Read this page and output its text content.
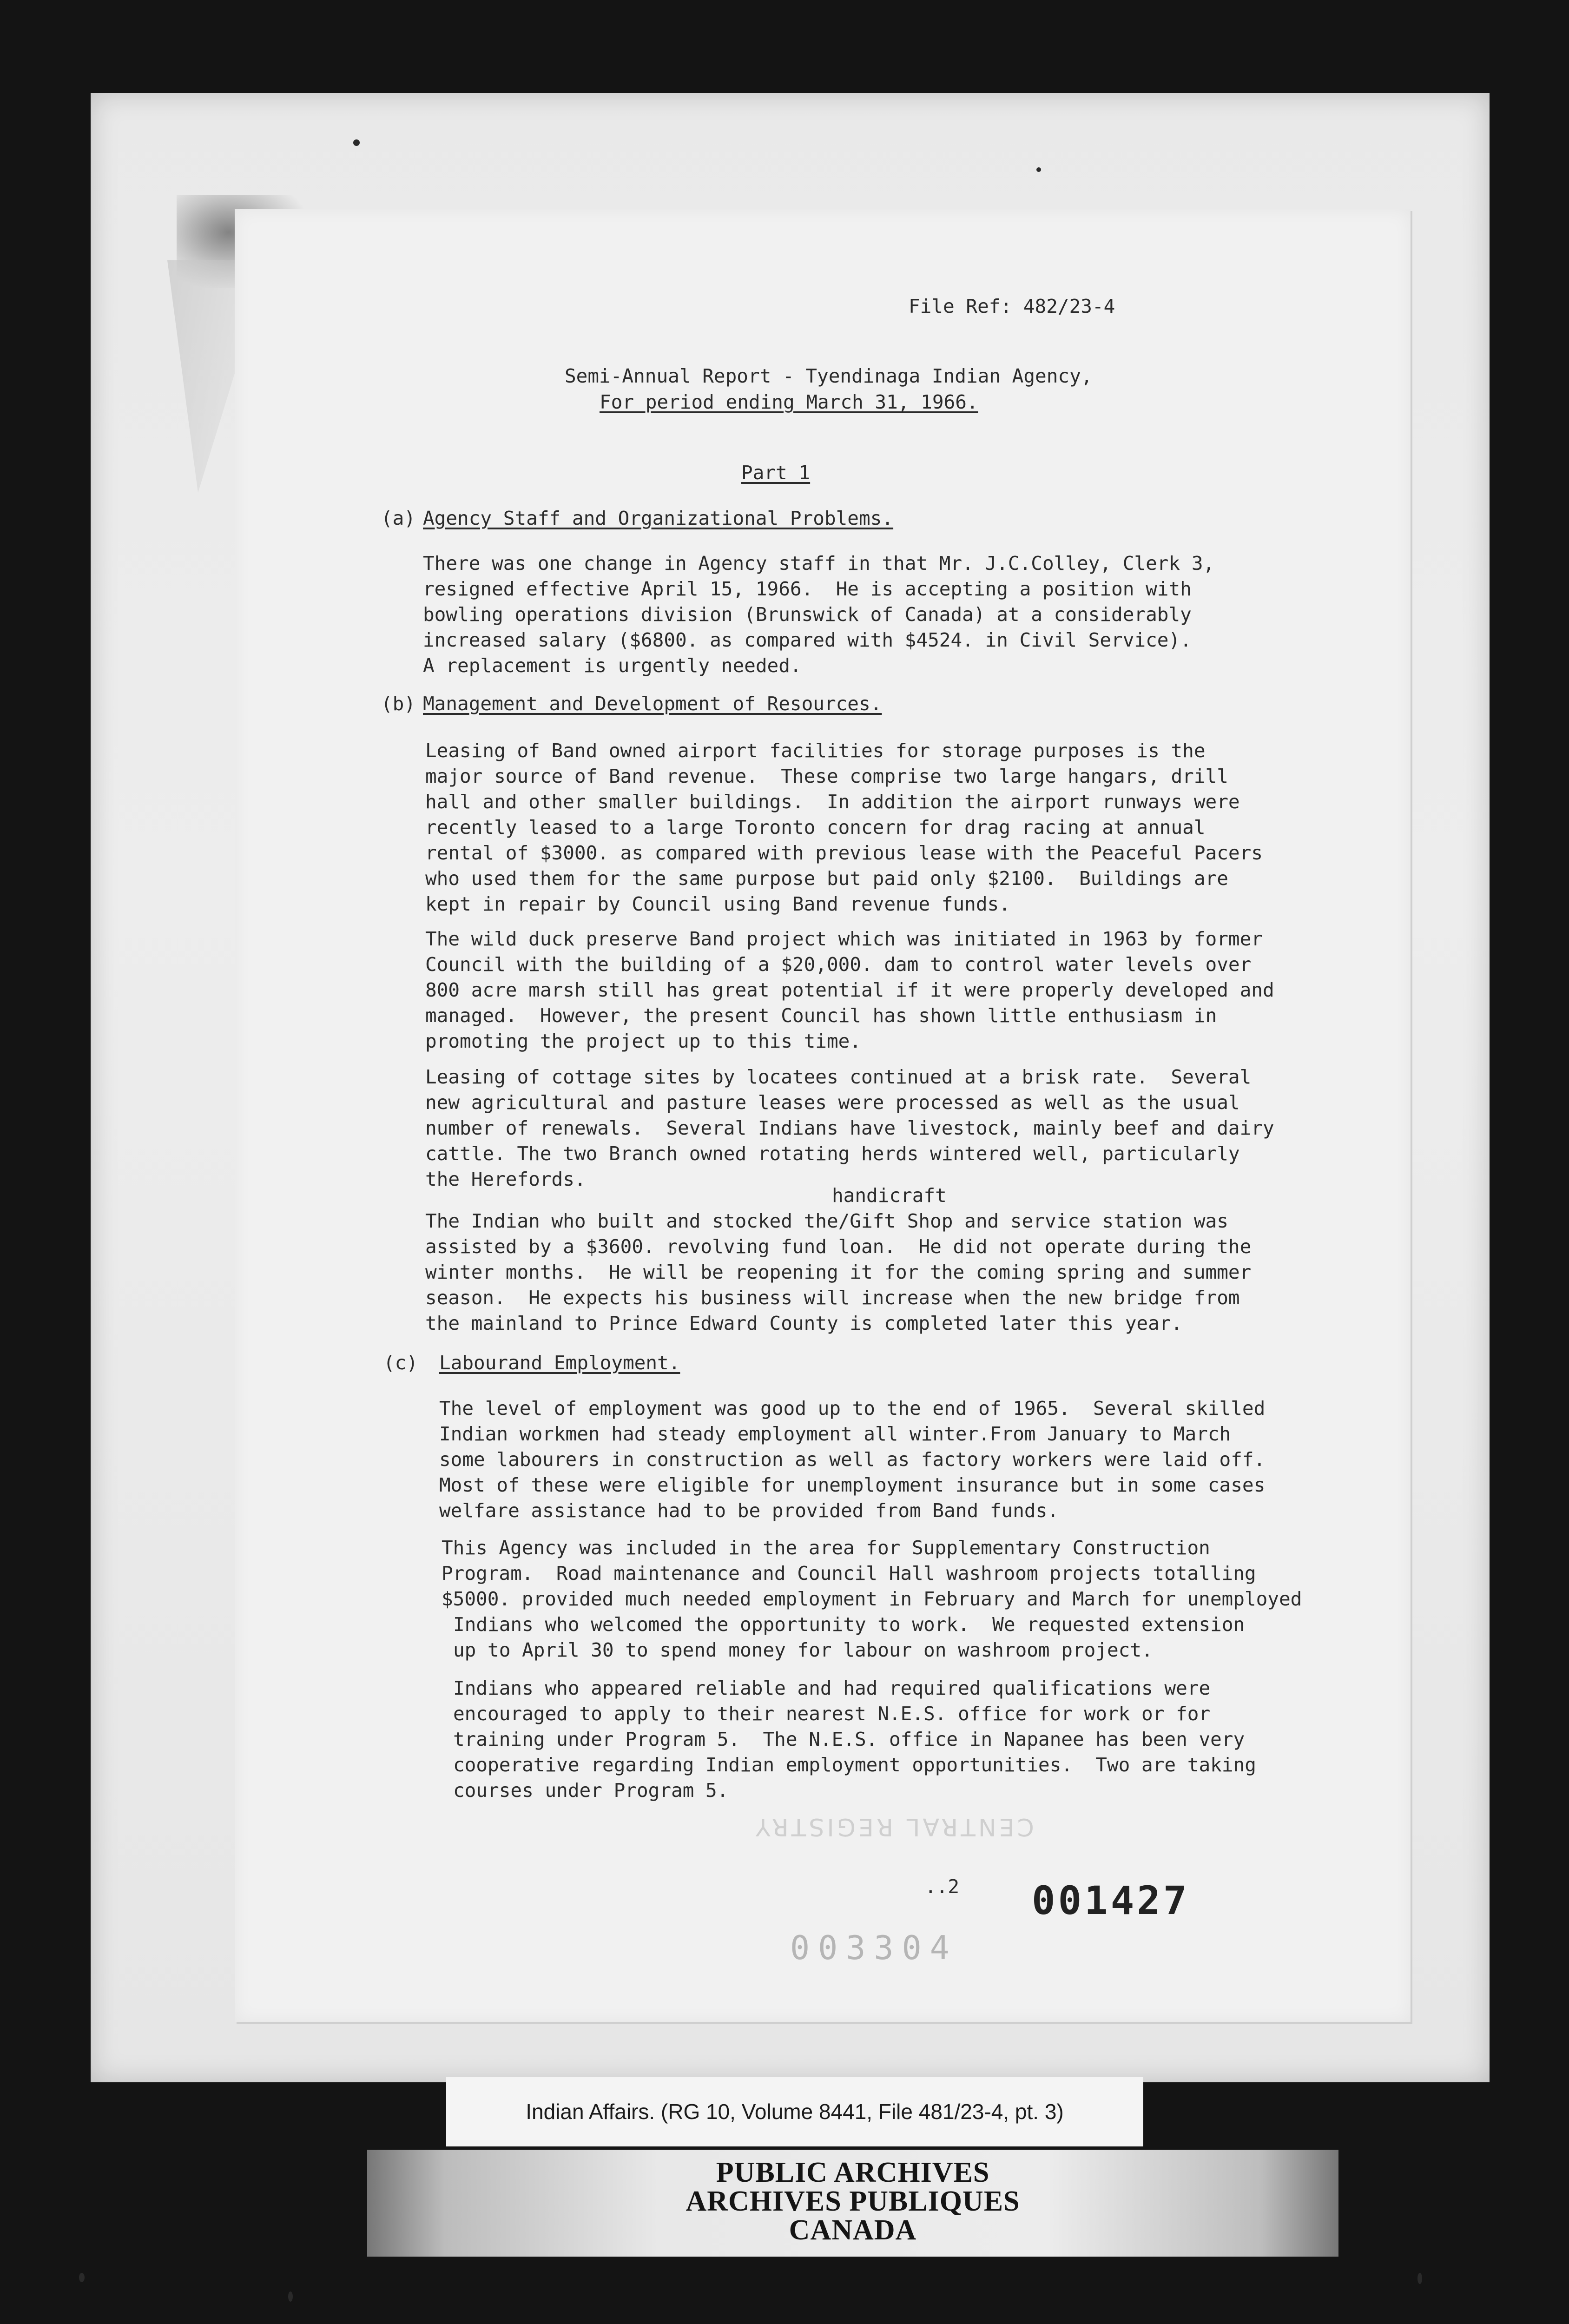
File Ref: 482/23-4
Semi-Annual Report - Tyendinaga Indian Agency,
For period ending March 31, 1966.
Part 1
(a) Agency Staff and Organizational Problems.
There was one change in Agency staff in that Mr. J.C.Colley, Clerk 3,
resigned effective April 15, 1966.  He is accepting a position with
bowling operations division (Brunswick of Canada) at a considerably
increased salary ($6800. as compared with $4524. in Civil Service).
A replacement is urgently needed.
(b) Management and Development of Resources.
Leasing of Band owned airport facilities for storage purposes is the
major source of Band revenue.  These comprise two large hangars, drill
hall and other smaller buildings.  In addition the airport runways were
recently leased to a large Toronto concern for drag racing at annual
rental of $3000. as compared with previous lease with the Peaceful Pacers
who used them for the same purpose but paid only $2100.  Buildings are
kept in repair by Council using Band revenue funds.
The wild duck preserve Band project which was initiated in 1963 by former
Council with the building of a $20,000. dam to control water levels over
800 acre marsh still has great potential if it were properly developed and
managed.  However, the present Council has shown little enthusiasm in
promoting the project up to this time.
Leasing of cottage sites by locatees continued at a brisk rate.  Several
new agricultural and pasture leases were processed as well as the usual
number of renewals.  Several Indians have livestock, mainly beef and dairy
cattle. The two Branch owned rotating herds wintered well, particularly
the Herefords.
handicraft
The Indian who built and stocked the/Gift Shop and service station was
assisted by a $3600. revolving fund loan.  He did not operate during the
winter months.  He will be reopening it for the coming spring and summer
season.  He expects his business will increase when the new bridge from
the mainland to Prince Edward County is completed later this year.
(c) Labourand Employment.
The level of employment was good up to the end of 1965.  Several skilled
Indian workmen had steady employment all winter.From January to March
some labourers in construction as well as factory workers were laid off.
Most of these were eligible for unemployment insurance but in some cases
welfare assistance had to be provided from Band funds.
This Agency was included in the area for Supplementary Construction
Program.  Road maintenance and Council Hall washroom projects totalling
$5000. provided much needed employment in February and March for unemployed
Indians who welcomed the opportunity to work.  We requested extension
up to April 30 to spend money for labour on washroom project.
Indians who appeared reliable and had required qualifications were
encouraged to apply to their nearest N.E.S. office for work or for
training under Program 5.  The N.E.S. office in Napanee has been very
cooperative regarding Indian employment opportunities.  Two are taking
courses under Program 5.
CENTRAL REGISTRY
..2 001427
003304
Indian Affairs. (RG 10, Volume 8441, File 481/23-4, pt. 3)
PUBLIC ARCHIVES
ARCHIVES PUBLIQUES
CANADA
